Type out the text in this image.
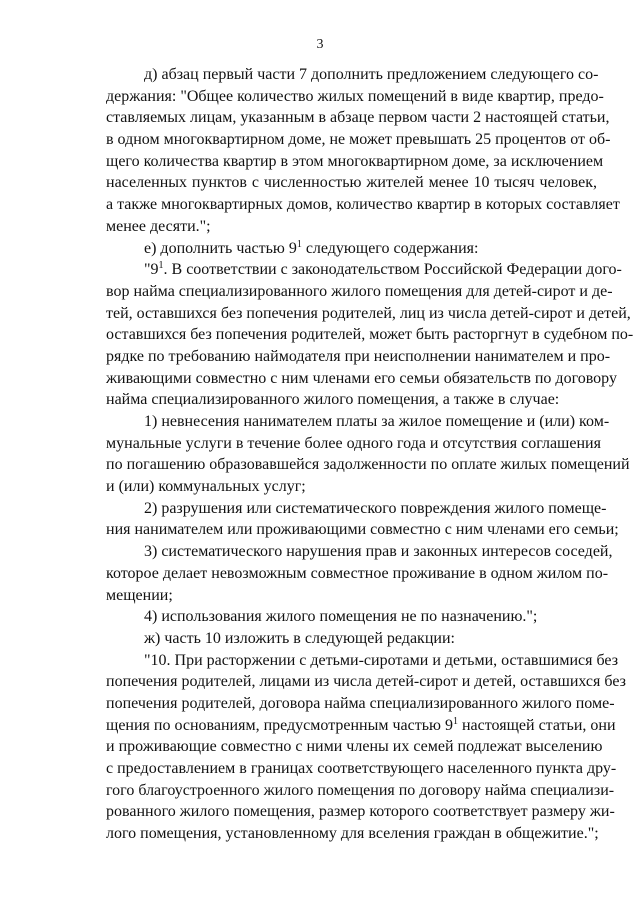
3
д) абзац первый части 7 дополнить предложением следующего со-
держания: "Общее количество жилых помещений в виде квартир, предо-
ставляемых лицам, указанным в абзаце первом части 2 настоящей статьи,
в одном многоквартирном доме, не может превышать 25 процентов от об-
щего количества квартир в этом многоквартирном доме, за исключением
населенных пунктов с численностью жителей менее 10 тысяч человек,
а также многоквартирных домов, количество квартир в которых составляет
менее десяти.";
е) дополнить частью $9^1$ следующего содержания:
"$9^1$. В соответствии с законодательством Российской Федерации дого-
вор найма специализированного жилого помещения для детей-сирот и де-
тей, оставшихся без попечения родителей, лиц из числа детей-сирот и детей,
оставшихся без попечения родителей, может быть расторгнут в судебном по-
рядке по требованию наймодателя при неисполнении нанимателем и про-
живающими совместно с ним членами его семьи обязательств по договору
найма специализированного жилого помещения, а также в случае:
1) невнесения нанимателем платы за жилое помещение и (или) ком-
мунальные услуги в течение более одного года и отсутствия соглашения
по погашению образовавшейся задолженности по оплате жилых помещений
и (или) коммунальных услуг;
2) разрушения или систематического повреждения жилого помеще-
ния нанимателем или проживающими совместно с ним членами его семьи;
3) систематического нарушения прав и законных интересов соседей,
которое делает невозможным совместное проживание в одном жилом по-
мещении;
4) использования жилого помещения не по назначению.";
ж) часть 10 изложить в следующей редакции:
"10. При расторжении с детьми-сиротами и детьми, оставшимися без
попечения родителей, лицами из числа детей-сирот и детей, оставшихся без
попечения родителей, договора найма специализированного жилого поме-
щения по основаниям, предусмотренным частью $9^1$ настоящей статьи, они
и проживающие совместно с ними члены их семей подлежат выселению
с предоставлением в границах соответствующего населенного пункта дру-
гого благоустроенного жилого помещения по договору найма специализи-
рованного жилого помещения, размер которого соответствует размеру жи-
лого помещения, установленному для вселения граждан в общежитие.";
